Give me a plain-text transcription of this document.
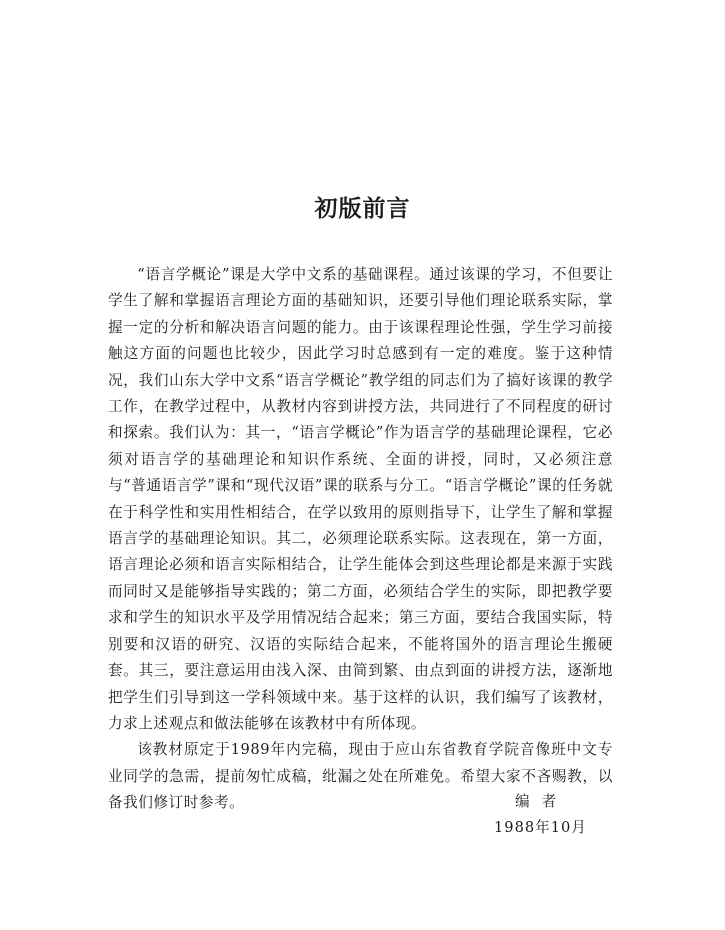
初版前言

“语言学概论”课是大学中文系的基础课程。通过该课的学习，不但要让学生了解和掌握语言理论方面的基础知识，还要引导他们理论联系实际，掌握一定的分析和解决语言问题的能力。由于该课程理论性强，学生学习前接触这方面的问题也比较少，因此学习时总感到有一定的难度。鉴于这种情况，我们山东大学中文系“语言学概论”教学组的同志们为了搞好该课的教学工作，在教学过程中，从教材内容到讲授方法，共同进行了不同程度的研讨和探索。我们认为：其一，“语言学概论”作为语言学的基础理论课程，它必须对语言学的基础理论和知识作系统、全面的讲授，同时，又必须注意与“普通语言学”课和“现代汉语”课的联系与分工。“语言学概论”课的任务就在于科学性和实用性相结合，在学以致用的原则指导下，让学生了解和掌握语言学的基础理论知识。其二，必须理论联系实际。这表现在，第一方面，语言理论必须和语言实际相结合，让学生能体会到这些理论都是来源于实践而同时又是能够指导实践的；第二方面，必须结合学生的实际，即把教学要求和学生的知识水平及学用情况结合起来；第三方面，要结合我国实际，特别要和汉语的研究、汉语的实际结合起来，不能将国外的语言理论生搬硬套。其三，要注意运用由浅入深、由简到繁、由点到面的讲授方法，逐渐地把学生们引导到这一学科领域中来。基于这样的认识，我们编写了该教材，力求上述观点和做法能够在该教材中有所体现。

该教材原定于1989年内完稿，现由于应山东省教育学院音像班中文专业同学的急需，提前匆忙成稿，纰漏之处在所难免。希望大家不吝赐教，以备我们修订时参考。	编者

1988年10月
